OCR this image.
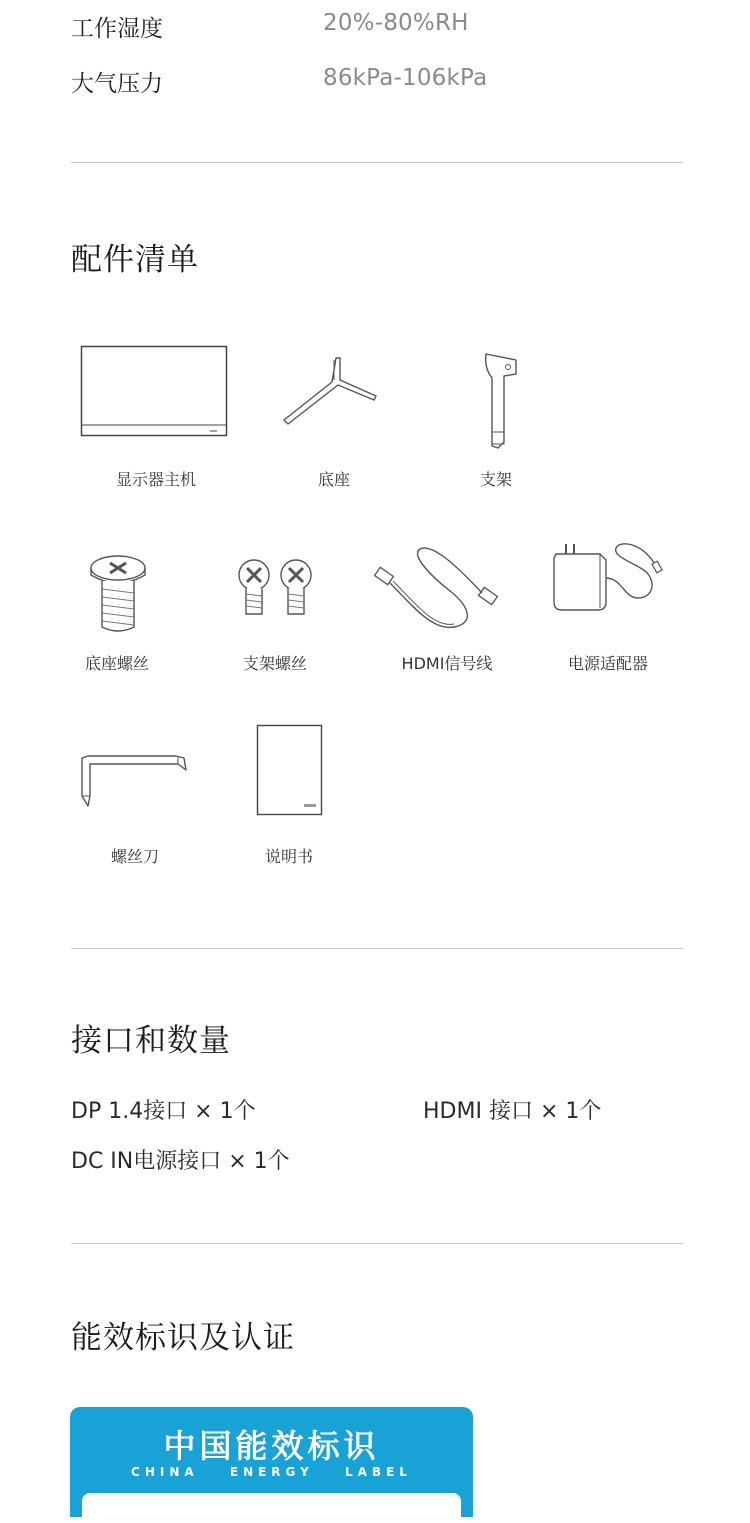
工作湿度	20%-80%RH
大气压力	86kPa-106kPa
配件清单
显示器主机	底座	支架
底座螺丝	支架螺丝	HDMI信号线	电源适配器
螺丝刀	说明书
接口和数量
DP 1.4接口 × 1个	HDMI 接口 × 1个
DC IN电源接口 × 1个
能效标识及认证
中国能效标识
CHINA ENERGY LABEL
